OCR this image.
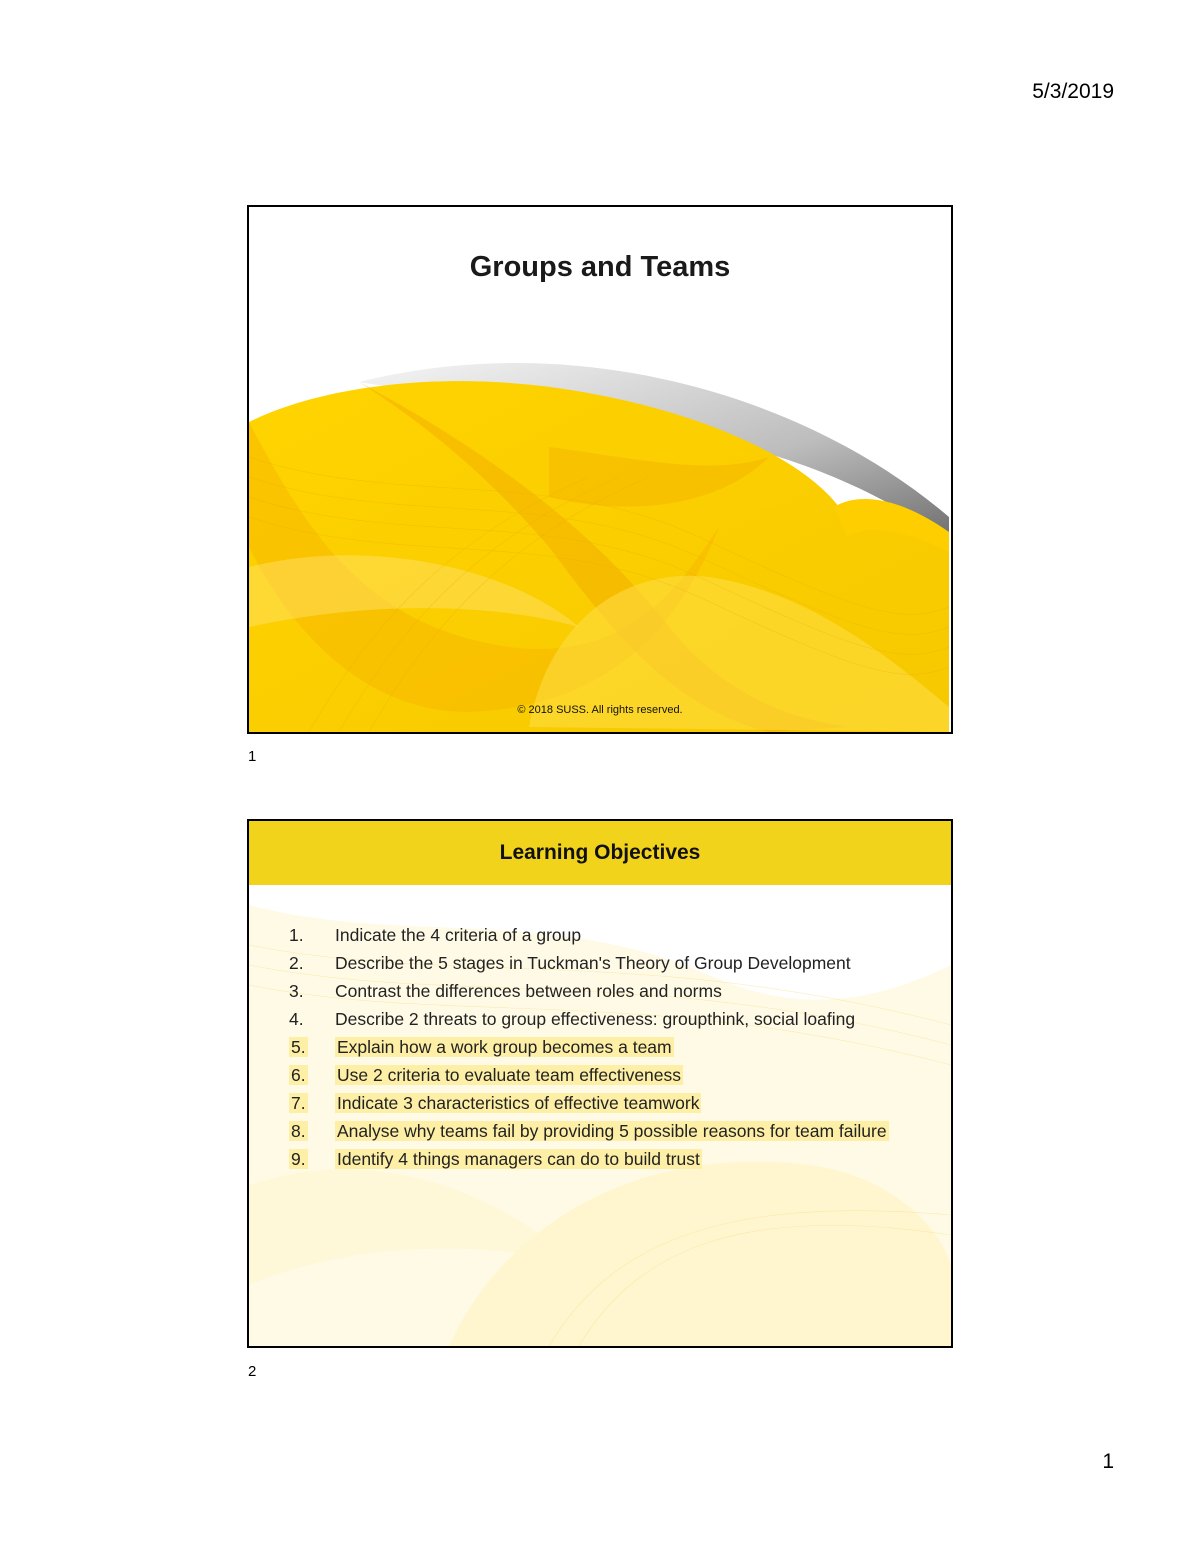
5/3/2019
Groups and Teams
© 2018 SUSS. All rights reserved.
1
Learning Objectives
1.	Indicate the 4 criteria of a group
2.	Describe the 5 stages in Tuckman's Theory of Group Development
3.	Contrast the differences between roles and norms
4.	Describe 2 threats to group effectiveness: groupthink, social loafing
5.	Explain how a work group becomes a team
6.	Use 2 criteria to evaluate team effectiveness
7.	Indicate 3 characteristics of effective teamwork
8.	Analyse why teams fail by providing 5 possible reasons for team failure
9.	Identify 4 things managers can do to build trust
2
1
